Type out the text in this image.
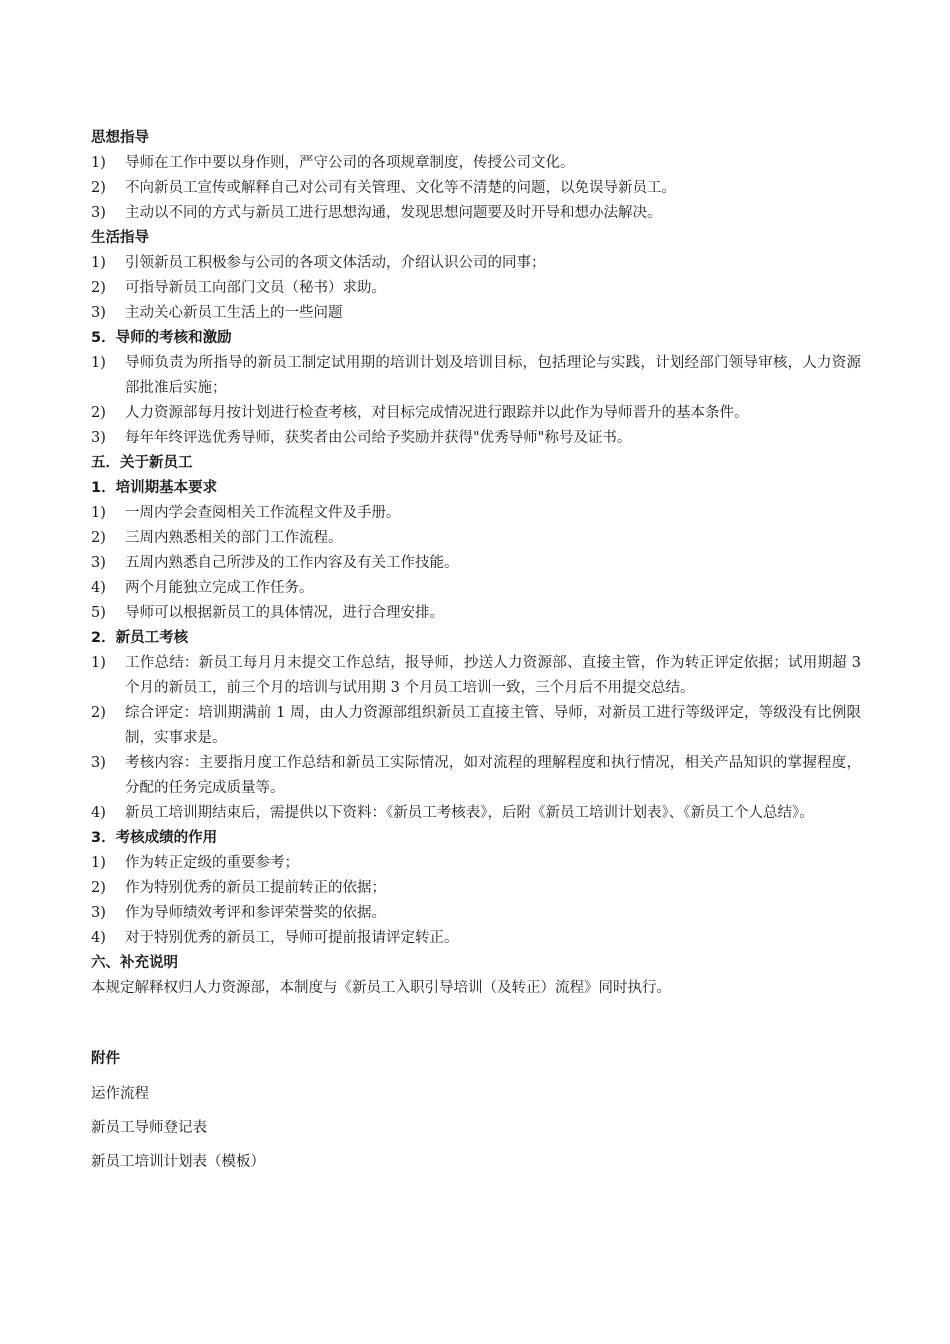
思想指导
1)	导师在工作中要以身作则，严守公司的各项规章制度，传授公司文化。
2)	不向新员工宣传或解释自己对公司有关管理、文化等不清楚的问题，以免误导新员工。
3)	主动以不同的方式与新员工进行思想沟通，发现思想问题要及时开导和想办法解决。
生活指导
1)	引领新员工积极参与公司的各项文体活动，介绍认识公司的同事；
2)	可指导新员工向部门文员（秘书）求助。
3)	主动关心新员工生活上的一些问题
5．导师的考核和激励
1)	导师负责为所指导的新员工制定试用期的培训计划及培训目标，包括理论与实践，计划经部门领导审核，人力资源部批准后实施；
2)	人力资源部每月按计划进行检查考核，对目标完成情况进行跟踪并以此作为导师晋升的基本条件。
3)	每年年终评选优秀导师，获奖者由公司给予奖励并获得"优秀导师"称号及证书。
五．关于新员工
1．培训期基本要求
1)	一周内学会查阅相关工作流程文件及手册。
2)	三周内熟悉相关的部门工作流程。
3)	五周内熟悉自己所涉及的工作内容及有关工作技能。
4)	两个月能独立完成工作任务。
5)	导师可以根据新员工的具体情况，进行合理安排。
2．新员工考核
1)	工作总结：新员工每月月末提交工作总结，报导师，抄送人力资源部、直接主管，作为转正评定依据；试用期超 3 个月的新员工，前三个月的培训与试用期 3 个月员工培训一致，三个月后不用提交总结。
2)	综合评定：培训期满前 1 周，由人力资源部组织新员工直接主管、导师，对新员工进行等级评定，等级没有比例限制，实事求是。
3)	考核内容：主要指月度工作总结和新员工实际情况，如对流程的理解程度和执行情况，相关产品知识的掌握程度，分配的任务完成质量等。
4)	新员工培训期结束后，需提供以下资料：《新员工考核表》，后附《新员工培训计划表》、《新员工个人总结》。
3．考核成绩的作用
1)	作为转正定级的重要参考；
2)	作为特别优秀的新员工提前转正的依据；
3)	作为导师绩效考评和参评荣誉奖的依据。
4)	对于特别优秀的新员工，导师可提前报请评定转正。
六、补充说明
本规定解释权归人力资源部，本制度与《新员工入职引导培训（及转正）流程》同时执行。
附件
运作流程
新员工导师登记表
新员工培训计划表（模板）
